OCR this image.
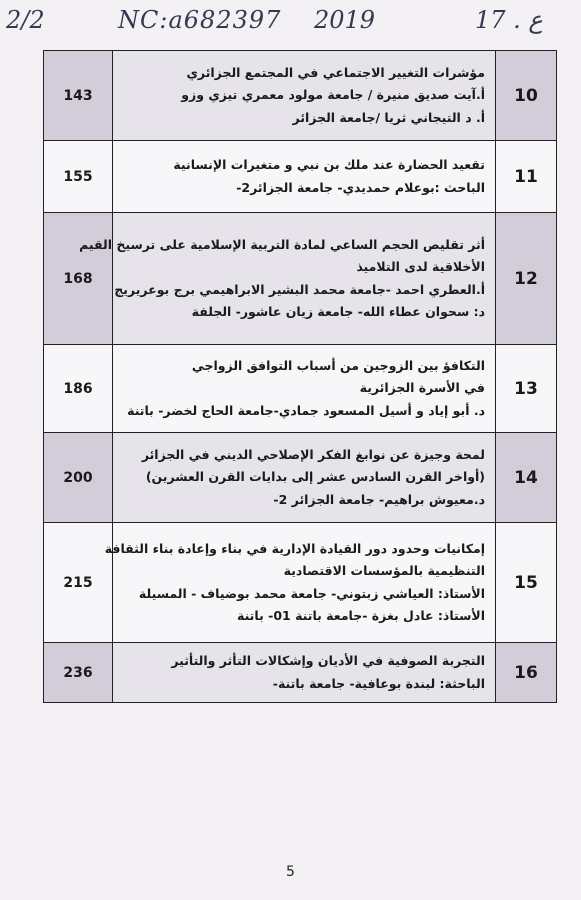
2/2	NC:a682397 2019	ع . 17
143	مؤشرات التغيير الاجتماعي في المجتمع الجزائري

أ.آيت صديق منيرة / جامعة مولود معمري تيزي وزو

أ. د التيجاني ثريا /جامعة الجزائر	10
155	تقعيد الحضارة عند ملك بن نبي و متغيرات الإنسانية

الباحث :بوعلام حمديدي- جامعة الجزائر2-	11
168	أثر تقليص الحجم الساعي لمادة التربية الإسلامية على ترسيخ القيم

الأخلاقية لدى التلاميذ

أ.العطري احمد -جامعة محمد البشير الابراهيمي برج بوعريريج

د: سحوان عطاء الله- جامعة زيان عاشور- الجلفة	12
186	التكافؤ بين الزوجين من أسباب التوافق الزواجي

في الأسرة الجزائرية

د. أبو إياد و أسيل المسعود جمادي-جامعة الحاج لخضر- باتنة	13
200	لمحة وجيزة عن نوابغ الفكر الإصلاحي الديني في الجزائر

(أواخر القرن السادس عشر إلى بدايات القرن العشرين)

د.معيوش براهيم- جامعة الجزائر 2-	14
215	إمكانيات وحدود دور القيادة الإدارية في بناء وإعادة بناء الثقافة

التنظيمية بالمؤسسات الاقتصادية

الأستاذ: العياشي زبتوني- جامعة محمد بوضياف - المسيلة

الأستاذ: عادل بغزة -جامعة باتنة 01- باتنة	15
236	التجربة الصوفية في الأديان وإشكالات التأثر والتأثير

الباحثة: لبندة بوعافية- جامعة باتنة-	16
5
